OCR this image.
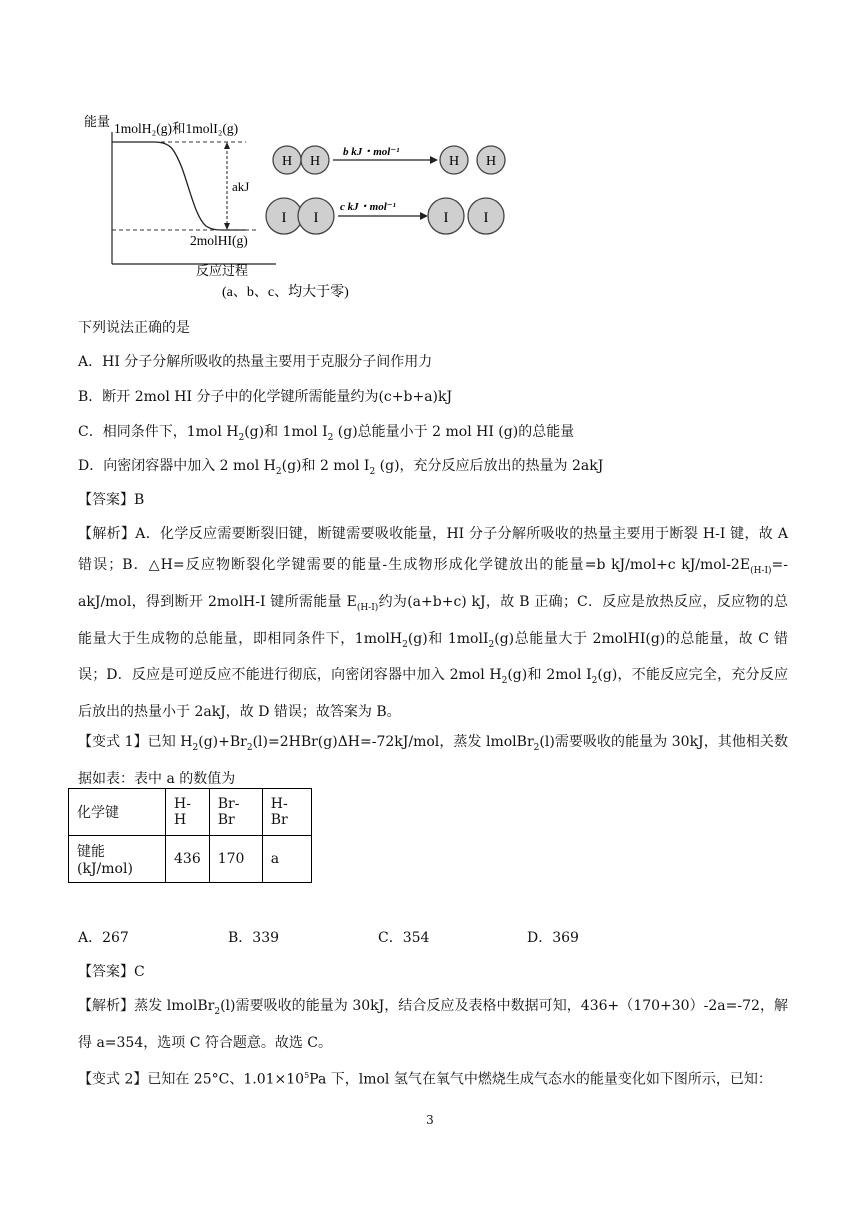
能量 1molH₂(g)和1molI₂(g)
akJ
2molHI(g)
反应过程
(a、b、c、均大于零)
H H
b kJ・mol⁻¹
H H
I I
c kJ・mol⁻¹
I I
下列说法正确的是
A．HI 分子分解所吸收的热量主要用于克服分子间作用力
B．断开 2mol HI 分子中的化学键所需能量约为(c+b+a)kJ
C．相同条件下，1mol $H_2(g)$和 1mol $I_2$ (g)总能量小于 2 mol HI (g)的总能量
D．向密闭容器中加入 2 mol $H_2(g)$和 2 mol $I_2$ (g)，充分反应后放出的热量为 2akJ
【答案】B
【解析】A．化学反应需要断裂旧键，断键需要吸收能量，HI 分子分解所吸收的热量主要用于断裂 H-I 键，故 A 错误；B．△H=反应物断裂化学键需要的能量-生成物形成化学键放出的能量=b kJ/mol+c $kJ/mol-2E_{(H-I)}=-akJ$/mol，得到断开 2molH-I 键所需能量 $E_{(H-I)}$约为(a+b+c) kJ，故 B 正确；C．反应是放热反应，反应物的总能量大于生成物的总能量，即相同条件下，1molH$_2$(g)和 1molI$_2$(g)总能量大于 2molHI(g)的总能量，故 C 错误；D．反应是可逆反应不能进行彻底，向密闭容器中加入 2mol $H_2(g)$和 2mol $I_2(g)$，不能反应完全，充分反应后放出的热量小于 2akJ，故 D 错误；故答案为 B。
【变式 1】已知 $H_2(g)+Br_2(l)=2HBr(g)\Delta H=-72kJ$/mol，蒸发 lmolBr$_2$(l)需要吸收的能量为 30kJ，其他相关数据如表：表中 a 的数值为
化学键	H-H	Br-Br	H-Br
键能(kJ/mol)	436	170	a
A．267	B．339	C．354	D．369
【答案】C
【解析】蒸发 lmolBr$_2$(l)需要吸收的能量为 30kJ，结合反应及表格中数据可知，436+（170+30）-2a=-72，解得 a=354，选项 C 符合题意。故选 C。
【变式 2】已知在 25°C、$1.01\times 10^5Pa$ 下，lmol 氢气在氧气中燃烧生成气态水的能量变化如下图所示，已知：
3
